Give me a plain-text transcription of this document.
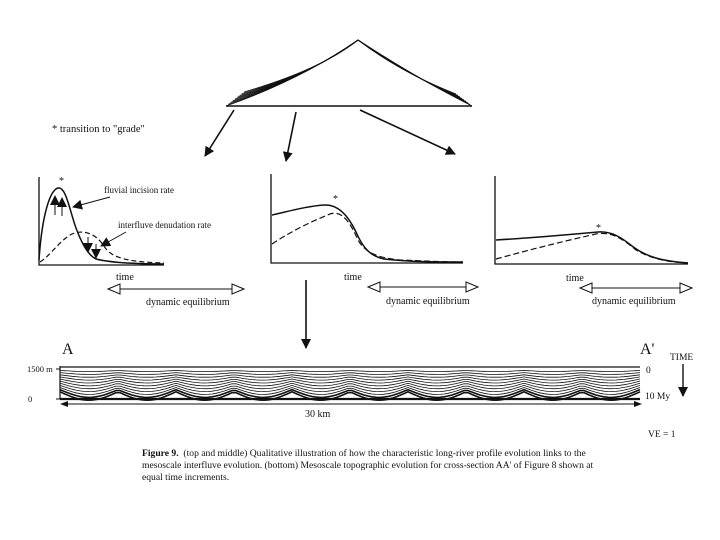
* transition to "grade"
*
fluvial incision rate
interfluve denudation rate
time
dynamic equilibrium
*
time
dynamic equilibrium
*
time
dynamic equilibrium
A	A'
1500 m
0
0
10 My
TIME
30 km
VE = 1
Figure 9. (top and middle) Qualitative illustration of how the characteristic long-river profile evolution links to the mesoscale interfluve evolution. (bottom) Mesoscale topographic evolution for cross-section AA' of Figure 8 shown at equal time increments.
